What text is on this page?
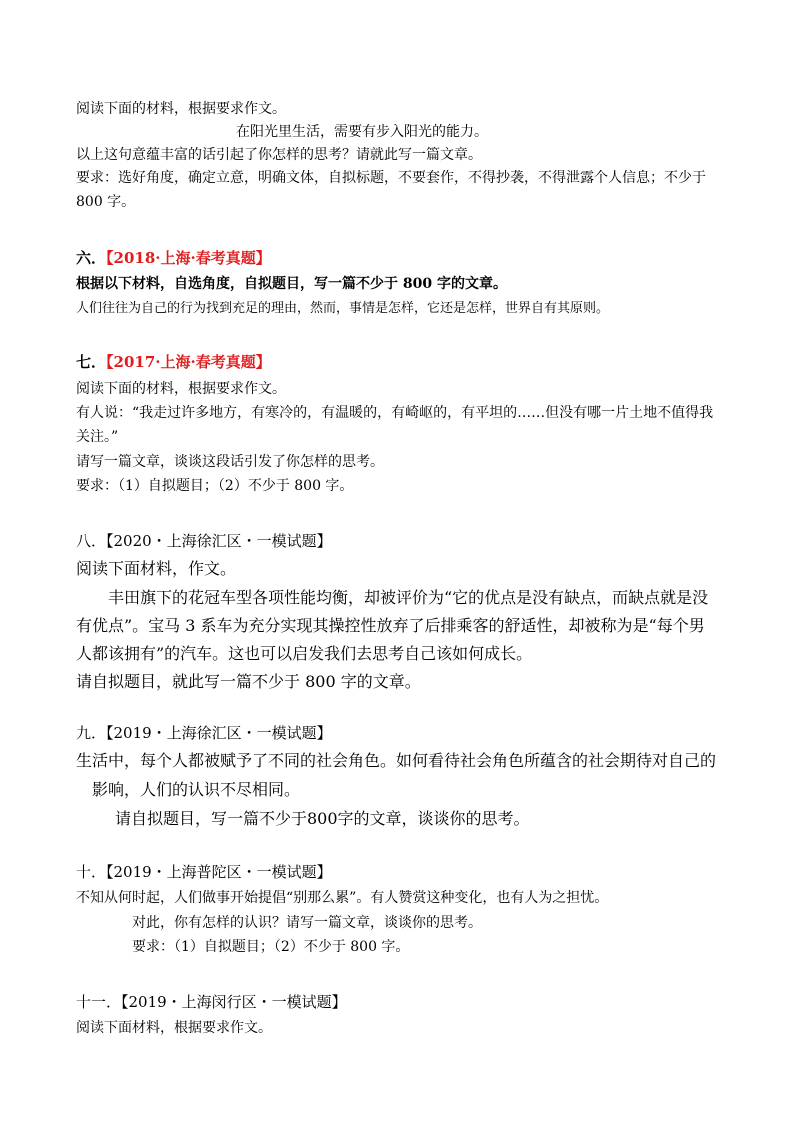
阅读下面的材料，根据要求作文。
在阳光里生活，需要有步入阳光的能力。
以上这句意蕴丰富的话引起了你怎样的思考？请就此写一篇文章。
要求：选好角度，确定立意，明确文体，自拟标题，不要套作，不得抄袭，不得泄露个人信息；不少于
800 字。
六．【2018·上海·春考真题】
根据以下材料，自选角度，自拟题目，写一篇不少于 800 字的文章。
人们往往为自己的行为找到充足的理由，然而，事情是怎样，它还是怎样，世界自有其原则。
七．【2017·上海·春考真题】
阅读下面的材料，根据要求作文。
有人说：“我走过许多地方，有寒冷的，有温暖的，有崎岖的，有平坦的……但没有哪一片土地不值得我
关注。”
请写一篇文章，谈谈这段话引发了你怎样的思考。
要求：（1）自拟题目；（2）不少于 800 字。
八．【2020・上海徐汇区・一模试题】
阅读下面材料，作文。
丰田旗下的花冠车型各项性能均衡，却被评价为“它的优点是没有缺点，而缺点就是没
有优点”。宝马 3 系车为充分实现其操控性放弃了后排乘客的舒适性，却被称为是“每个男
人都该拥有”的汽车。这也可以启发我们去思考自己该如何成长。
请自拟题目，就此写一篇不少于 800 字的文章。
九．【2019・上海徐汇区・一模试题】
生活中，每个人都被赋予了不同的社会角色。如何看待社会角色所蕴含的社会期待对自己的
影响，人们的认识不尽相同。
请自拟题目，写一篇不少于800字的文章，谈谈你的思考。
十．【2019・上海普陀区・一模试题】
不知从何时起，人们做事开始提倡“别那么累”。有人赞赏这种变化，也有人为之担忧。
对此，你有怎样的认识？请写一篇文章，谈谈你的思考。
要求：（1）自拟题目；（2）不少于 800 字。
十一．【2019・上海闵行区・一模试题】
阅读下面材料，根据要求作文。
